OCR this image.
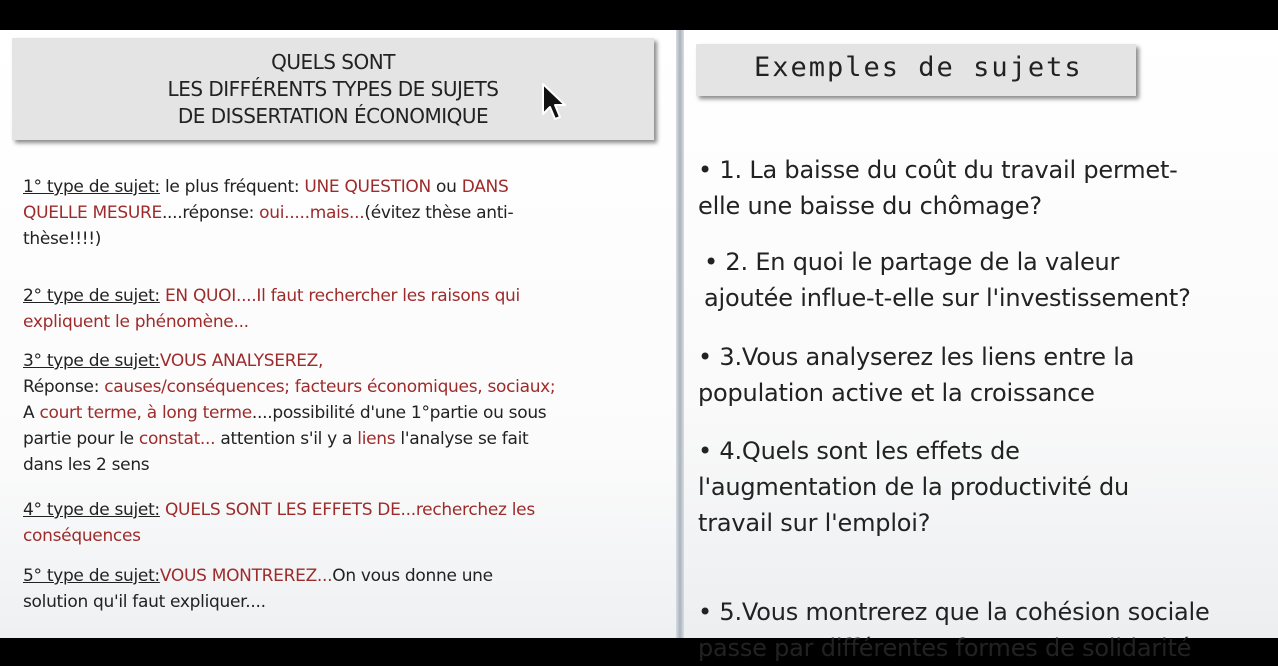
QUELS SONT
LES DIFFÉRENTS TYPES DE SUJETS
DE DISSERTATION ÉCONOMIQUE
1° type de sujet: le plus fréquent: UNE QUESTION ou DANS
QUELLE MESURE....réponse: oui.....mais...(évitez thèse anti-
thèse!!!!)
2° type de sujet: EN QUOI....Il faut rechercher les raisons qui
expliquent le phénomène...
3° type de sujet:VOUS ANALYSEREZ,
Réponse: causes/conséquences; facteurs économiques, sociaux;
A court terme, à long terme....possibilité d'une 1°partie ou sous
partie pour le constat... attention s'il y a liens l'analyse se fait
dans les 2 sens
4° type de sujet: QUELS SONT LES EFFETS DE...recherchez les
conséquences
5° type de sujet:VOUS MONTREREZ...On vous donne une
solution qu'il faut expliquer....
Exemples de sujets
• 1. La baisse du coût du travail permet-
elle une baisse du chômage?
• 2. En quoi le partage de la valeur
ajoutée influe-t-elle sur l'investissement?
• 3.Vous analyserez les liens entre la
population active et la croissance
• 4.Quels sont les effets de
l'augmentation de la productivité du
travail sur l'emploi?
• 5.Vous montrerez que la cohésion sociale
passe par différentes formes de solidarité
